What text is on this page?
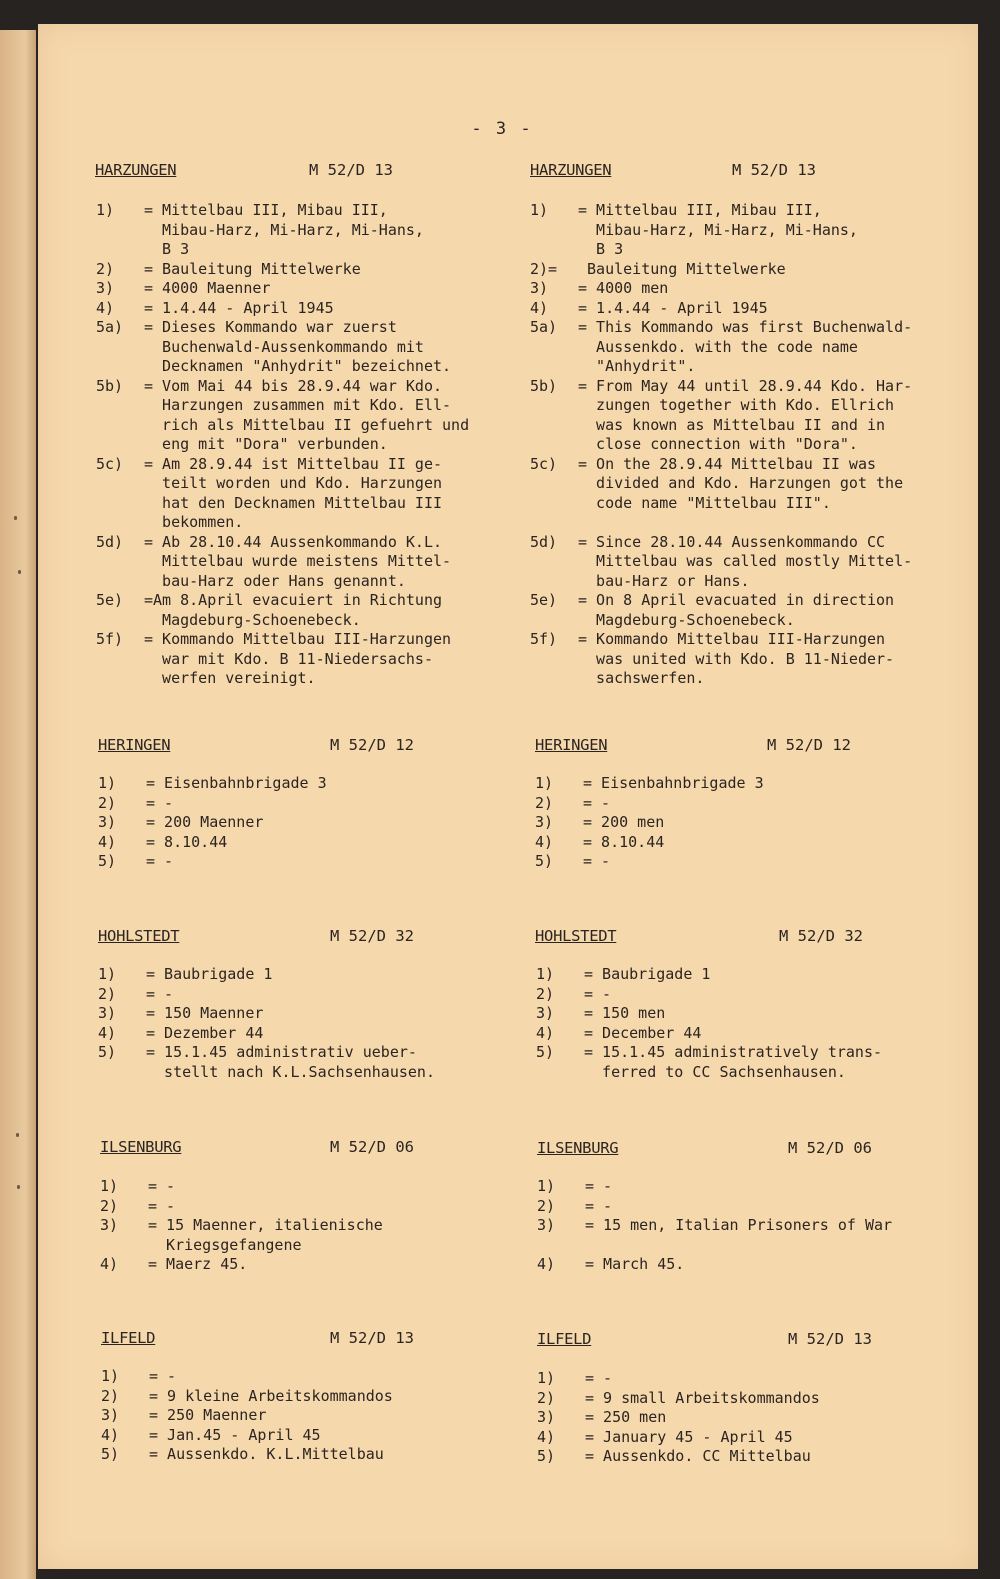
- 3 -
HARZUNGEN	M 52/D 13
1)	= Mittelbau III, Mibau III,
Mibau-Harz, Mi-Harz, Mi-Hans,
B 3
2)	= Bauleitung Mittelwerke
3)	= 4000 Maenner
4)	= 1.4.44 - April 1945
5a)	= Dieses Kommando war zuerst
Buchenwald-Aussenkommando mit
Decknamen "Anhydrit" bezeichnet.
5b)	= Vom Mai 44 bis 28.9.44 war Kdo.
Harzungen zusammen mit Kdo. Ell-
rich als Mittelbau II gefuehrt und
eng mit "Dora" verbunden.
5c)	= Am 28.9.44 ist Mittelbau II ge-
teilt worden und Kdo. Harzungen
hat den Decknamen Mittelbau III
bekommen.
5d)	= Ab 28.10.44 Aussenkommando K.L.
Mittelbau wurde meistens Mittel-
bau-Harz oder Hans genannt.
5e)	=Am 8.April evacuiert in Richtung
Magdeburg-Schoenebeck.
5f)	= Kommando Mittelbau III-Harzungen
war mit Kdo. B 11-Niedersachs-
werfen vereinigt.
HERINGEN	M 52/D 12
1)	= Eisenbahnbrigade 3
2)	= -
3)	= 200 Maenner
4)	= 8.10.44
5)	= -
HOHLSTEDT	M 52/D 32
1)	= Baubrigade 1
2)	= -
3)	= 150 Maenner
4)	= Dezember 44
5)	= 15.1.45 administrativ ueber-
stellt nach K.L.Sachsenhausen.
ILSENBURG	M 52/D 06
1)	= -
2)	= -
3)	= 15 Maenner, italienische
Kriegsgefangene
4)	= Maerz 45.
ILFELD	M 52/D 13
1)	= -
2)	= 9 kleine Arbeitskommandos
3)	= 250 Maenner
4)	= Jan.45 - April 45
5)	= Aussenkdo. K.L.Mittelbau
HARZUNGEN	M 52/D 13
1)	= Mittelbau III, Mibau III,
Mibau-Harz, Mi-Harz, Mi-Hans,
B 3
2)=	Bauleitung Mittelwerke
3)	= 4000 men
4)	= 1.4.44 - April 1945
5a)	= This Kommando was first Buchenwald-
Aussenkdo. with the code name
"Anhydrit".
5b)	= From May 44 until 28.9.44 Kdo. Har-
zungen together with Kdo. Ellrich
was known as Mittelbau II and in
close connection with "Dora".
5c)	= On the 28.9.44 Mittelbau II was
divided and Kdo. Harzungen got the
code name "Mittelbau III".
5d)	= Since 28.10.44 Aussenkommando CC
Mittelbau was called mostly Mittel-
bau-Harz or Hans.
5e)	= On 8 April evacuated in direction
Magdeburg-Schoenebeck.
5f)	= Kommando Mittelbau III-Harzungen
was united with Kdo. B 11-Nieder-
sachswerfen.
HERINGEN	M 52/D 12
1)	= Eisenbahnbrigade 3
2)	= -
3)	= 200 men
4)	= 8.10.44
5)	= -
HOHLSTEDT	M 52/D 32
1)	= Baubrigade 1
2)	= -
3)	= 150 men
4)	= December 44
5)	= 15.1.45 administratively trans-
ferred to CC Sachsenhausen.
ILSENBURG	M 52/D 06
1)	= -
2)	= -
3)	= 15 men, Italian Prisoners of War
4)	= March 45.
ILFELD	M 52/D 13
1)	= -
2)	= 9 small Arbeitskommandos
3)	= 250 men
4)	= January 45 - April 45
5)	= Aussenkdo. CC Mittelbau
